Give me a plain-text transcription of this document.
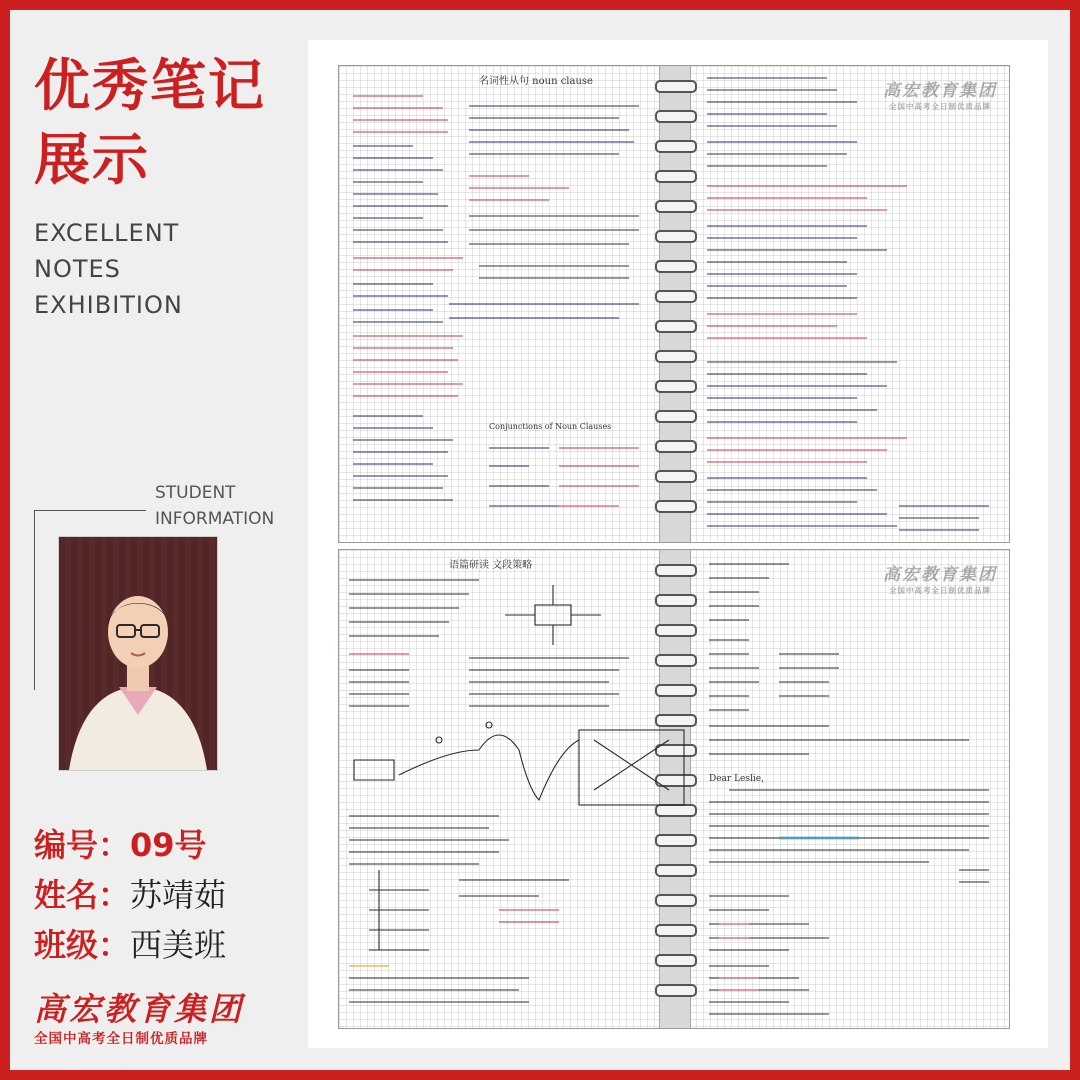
优秀笔记
展示
EXCELLENT
NOTES
EXHIBITION
STUDENT
INFORMATION
编号：09号
姓名：苏靖茹
班级：西美班
高宏教育集团
全国中高考全日制优质品牌
名词性从句 noun clause
Conjunctions of Noun Clauses
高宏教育集团
全国中高考全日制优质品牌
语篇研读 文段策略
Dear Leslie,
高宏教育集团
全国中高考全日制优质品牌
